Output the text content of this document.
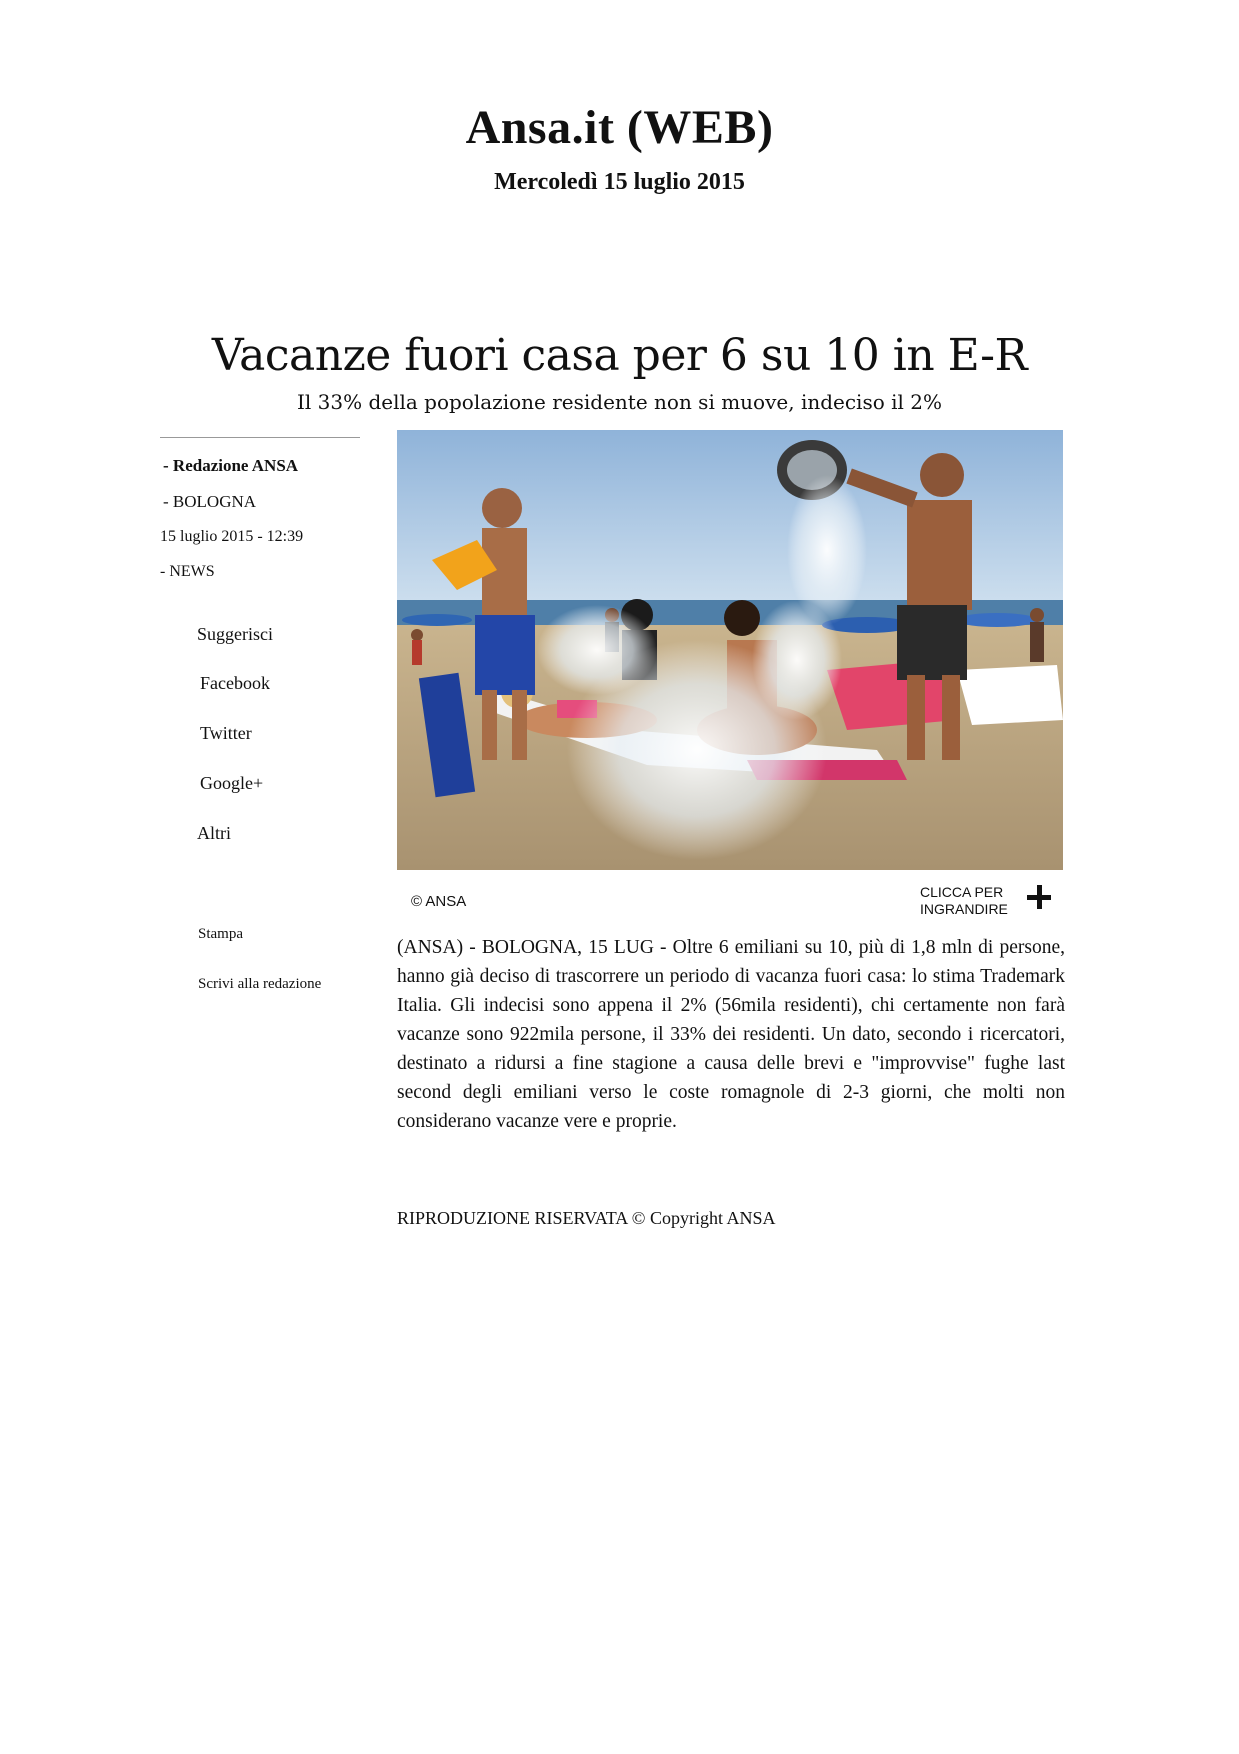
Ansa.it (WEB)
Mercoledì 15 luglio 2015
Vacanze fuori casa per 6 su 10 in E-R
Il 33% della popolazione residente non si muove, indeciso il 2%
- Redazione ANSA
- BOLOGNA
15 luglio 2015 - 12:39
- NEWS
Suggerisci
Facebook
Twitter
Google+
Altri
Stampa
Scrivi alla redazione
© ANSA
CLICCA PER
INGRANDIRE

(ANSA) - BOLOGNA, 15 LUG - Oltre 6 emiliani su 10, più di 1,8 mln di persone, hanno già deciso di trascorrere un periodo di vacanza fuori casa: lo stima Trademark Italia. Gli indecisi sono appena il 2% (56mila residenti), chi certamente non farà vacanze sono 922mila persone, il 33% dei residenti. Un dato, secondo i ricercatori, destinato a ridursi a fine stagione a causa delle brevi e "improvvise" fughe last second degli emiliani verso le coste romagnole di 2-3 giorni, che molti non considerano vacanze vere e proprie.

RIPRODUZIONE RISERVATA © Copyright ANSA
